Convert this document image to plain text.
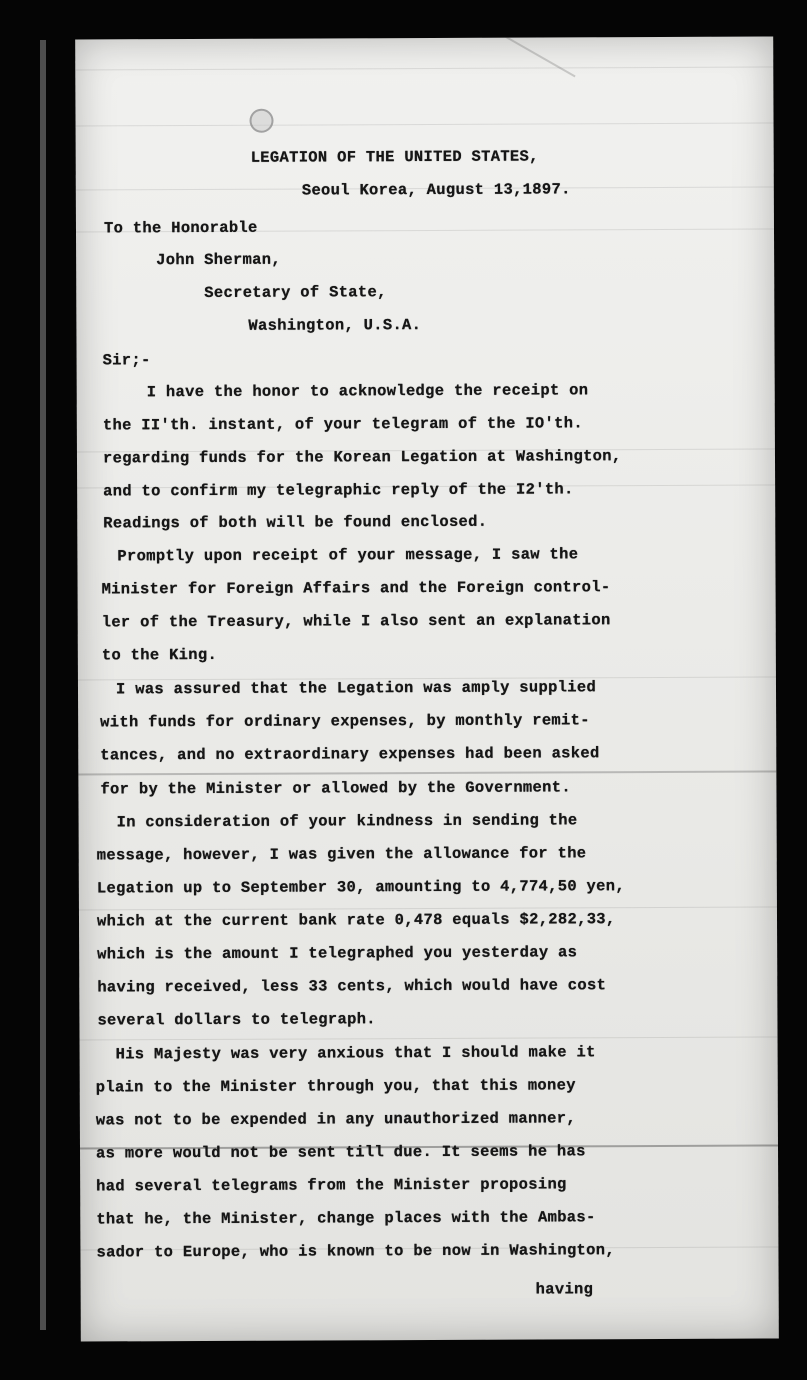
LEGATION OF THE UNITED STATES,
Seoul Korea, August 13,1897.
To the Honorable
John Sherman,
Secretary of State,
Washington, U.S.A.
Sir;-
I have the honor to acknowledge the receipt on
the II'th. instant, of your telegram of the IO'th.
regarding funds for the Korean Legation at Washington,
and to confirm my telegraphic reply of the I2'th.
Readings of both will be found enclosed.
Promptly upon receipt of your message, I saw the
Minister for Foreign Affairs and the Foreign control-
ler of the Treasury, while I also sent an explanation
to the King.
I was assured that the Legation was amply supplied
with funds for ordinary expenses, by monthly remit-
tances, and no extraordinary expenses had been asked
for by the Minister or allowed by the Government.
In consideration of your kindness in sending the
message, however, I was given the allowance for the
Legation up to September 30, amounting to 4,774,50 yen,
which at the current bank rate 0,478 equals $2,282,33,
which is the amount I telegraphed you yesterday as
having received, less 33 cents, which would have cost
several dollars to telegraph.
His Majesty was very anxious that I should make it
plain to the Minister through you, that this money
was not to be expended in any unauthorized manner,
as more would not be sent till due. It seems he has
had several telegrams from the Minister proposing
that he, the Minister, change places with the Ambas-
sador to Europe, who is known to be now in Washington,
having
